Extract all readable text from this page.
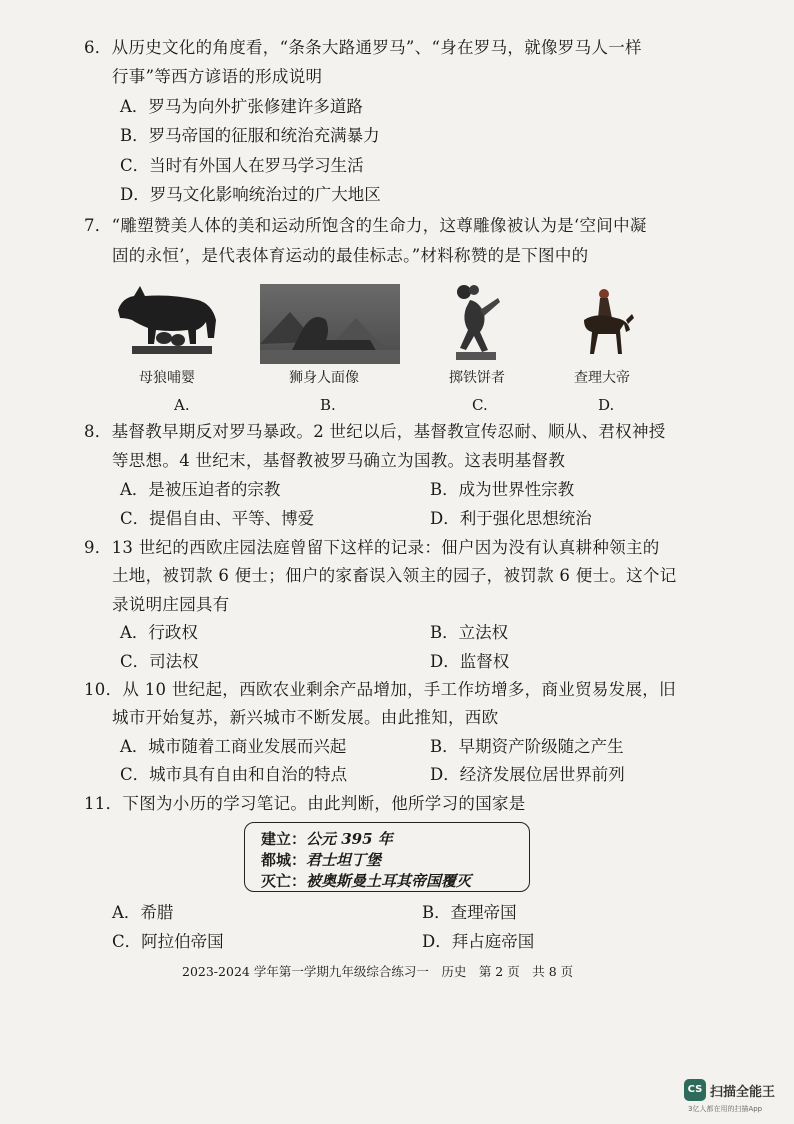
6．从历史文化的角度看，“条条大路通罗马”、“身在罗马，就像罗马人一样
行事”等西方谚语的形成说明
A．罗马为向外扩张修建许多道路
B．罗马帝国的征服和统治充满暴力
C．当时有外国人在罗马学习生活
D．罗马文化影响统治过的广大地区
7．“雕塑赞美人体的美和运动所饱含的生命力，这尊雕像被认为是‘空间中凝
固的永恒’，是代表体育运动的最佳标志。”材料称赞的是下图中的
母狼哺婴
A.
狮身人面像
B.
掷铁饼者
C.
查理大帝
D.
8．基督教早期反对罗马暴政。2 世纪以后，基督教宣传忍耐、顺从、君权神授
等思想。4 世纪末，基督教被罗马确立为国教。这表明基督教
A．是被压迫者的宗教	B．成为世界性宗教
C．提倡自由、平等、博爱	D．利于强化思想统治
9．13 世纪的西欧庄园法庭曾留下这样的记录：佃户因为没有认真耕种领主的
土地，被罚款 6 便士；佃户的家畜误入领主的园子，被罚款 6 便士。这个记
录说明庄园具有
A．行政权	B．立法权
C．司法权	D．监督权
10．从 10 世纪起，西欧农业剩余产品增加，手工作坊增多，商业贸易发展，旧
城市开始复苏，新兴城市不断发展。由此推知，西欧
A．城市随着工商业发展而兴起	B．早期资产阶级随之产生
C．城市具有自由和自治的特点	D．经济发展位居世界前列
11．下图为小历的学习笔记。由此判断，他所学习的国家是
建立：公元 395 年
都城：君士坦丁堡
灭亡：被奥斯曼土耳其帝国覆灭
A．希腊	B．查理帝国
C．阿拉伯帝国	D．拜占庭帝国
2023-2024 学年第一学期九年级综合练习一　历史　第 2 页　共 8 页
CS 扫描全能王
3亿人都在用的扫描App
